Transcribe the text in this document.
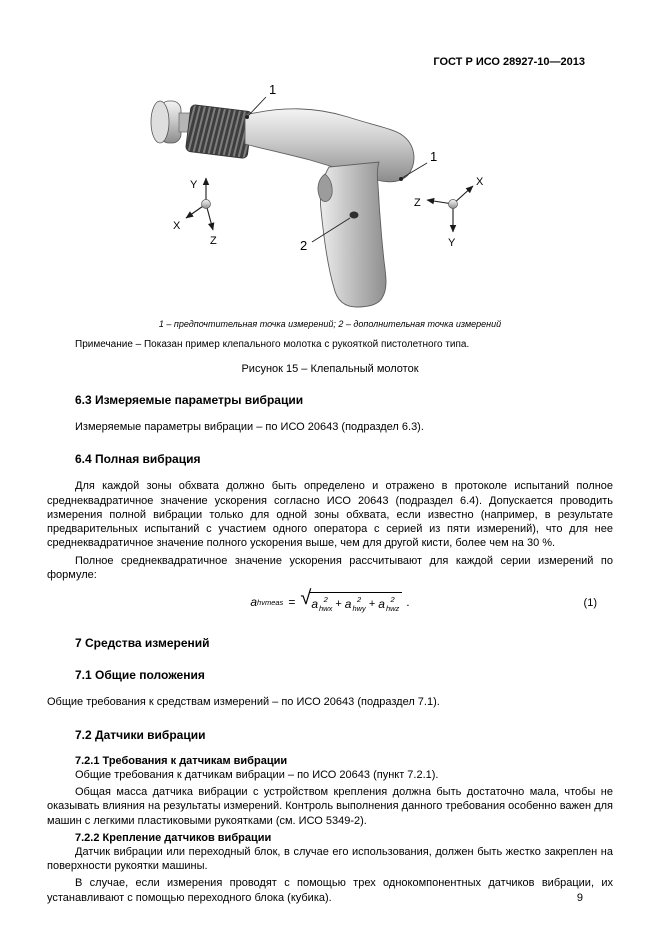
ГОСТ Р ИСО 28927-10—2013
1
1
2
Y
X
Z
X
Z
Y
1 – предпочтительная точка измерений; 2 – дополнительная точка измерений
Примечание – Показан пример клепального молотка с рукояткой пистолетного типа.
Рисунок 15 – Клепальный молоток
6.3 Измеряемые параметры вибрации

Измеряемые параметры вибрации – по ИСО 20643 (подраздел 6.3).

6.4 Полная вибрация

Для каждой зоны обхвата должно быть определено и отражено в протоколе испытаний полное среднеквадратичное значение ускорения согласно ИСО 20643 (подраздел 6.4). Допускается проводить измерения полной вибрации только для одной зоны обхвата, если известно (например, в результате предварительных испытаний с участием одного оператора с серией из пяти измерений), что для нее среднеквадратичное значение полного ускорения выше, чем для другой кисти, более чем на 30 %.

Полное среднеквадратичное значение ускорения рассчитывают для каждой серии измерений по формуле:

a hvmeas = √ a 2
hwx + a 2
hwy + a 2
hwz .	(1)
7 Средства измерений
7.1 Общие положения

Общие требования к средствам измерений – по ИСО 20643 (подраздел 7.1).

7.2 Датчики вибрации
7.2.1 Требования к датчикам вибрации

Общие требования к датчикам вибрации – по ИСО 20643 (пункт 7.2.1).

Общая масса датчика вибрации с устройством крепления должна быть достаточно мала, чтобы не оказывать влияния на результаты измерений. Контроль выполнения данного требования особенно важен для машин с легкими пластиковыми рукоятками (см. ИСО 5349-2).

7.2.2 Крепление датчиков вибрации

Датчик вибрации или переходный блок, в случае его использования, должен быть жестко закреплен на поверхности рукоятки машины.

В случае, если измерения проводят с помощью трех однокомпонентных датчиков вибрации, их устанавливают с помощью переходного блока (кубика).	9
